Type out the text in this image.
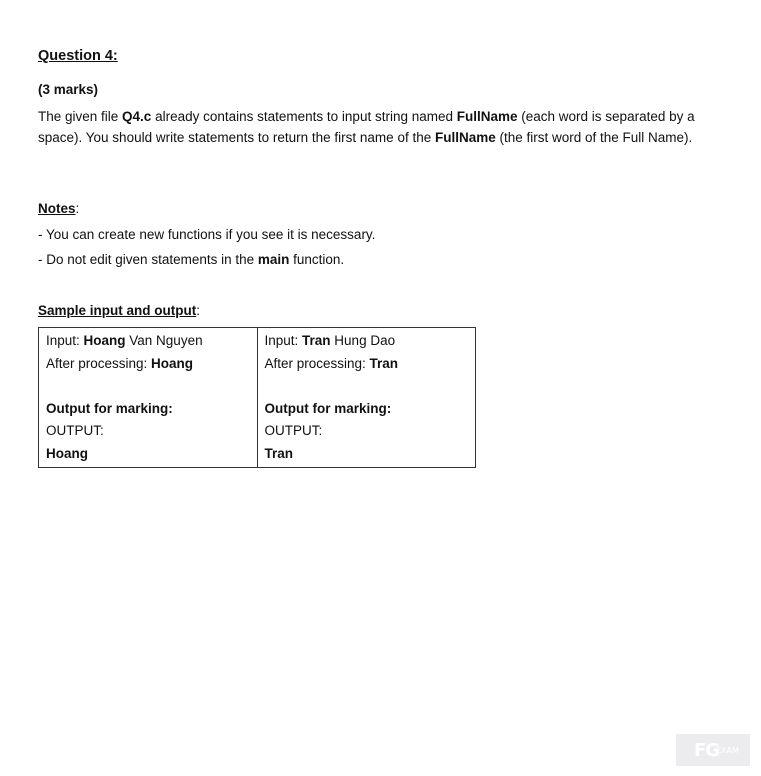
Question 4:
(3 marks)
The given file Q4.c already contains statements to input string named FullName (each word is separated by a space). You should write statements to return the first name of the FullName (the first word of the Full Name).
Notes:
- You can create new functions if you see it is necessary.
- Do not edit given statements in the main function.
Sample input and output:
Input: Hoang Van Nguyen
After processing: Hoang
Output for marking:
OUTPUT:
Hoang

Input: Tran Hung Dao
After processing: Tran
Output for marking:
OUTPUT:
Tran
FG
EXAM
